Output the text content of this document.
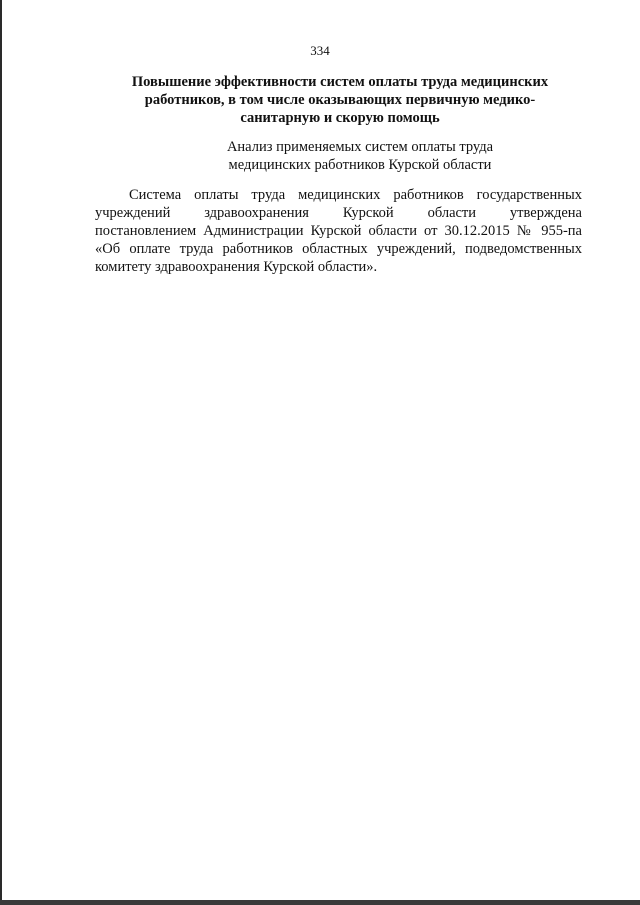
334
Повышение эффективности систем оплаты труда медицинских
работников, в том числе оказывающих первичную медико-
санитарную и скорую помощь
Анализ применяемых систем оплаты труда
медицинских работников Курской области
Система оплаты труда медицинских работников государственных
учреждений здравоохранения Курской области утверждена
постановлением Администрации Курской области от 30.12.2015 № 955-па
«Об оплате труда работников областных учреждений, подведомственных
комитету здравоохранения Курской области».
